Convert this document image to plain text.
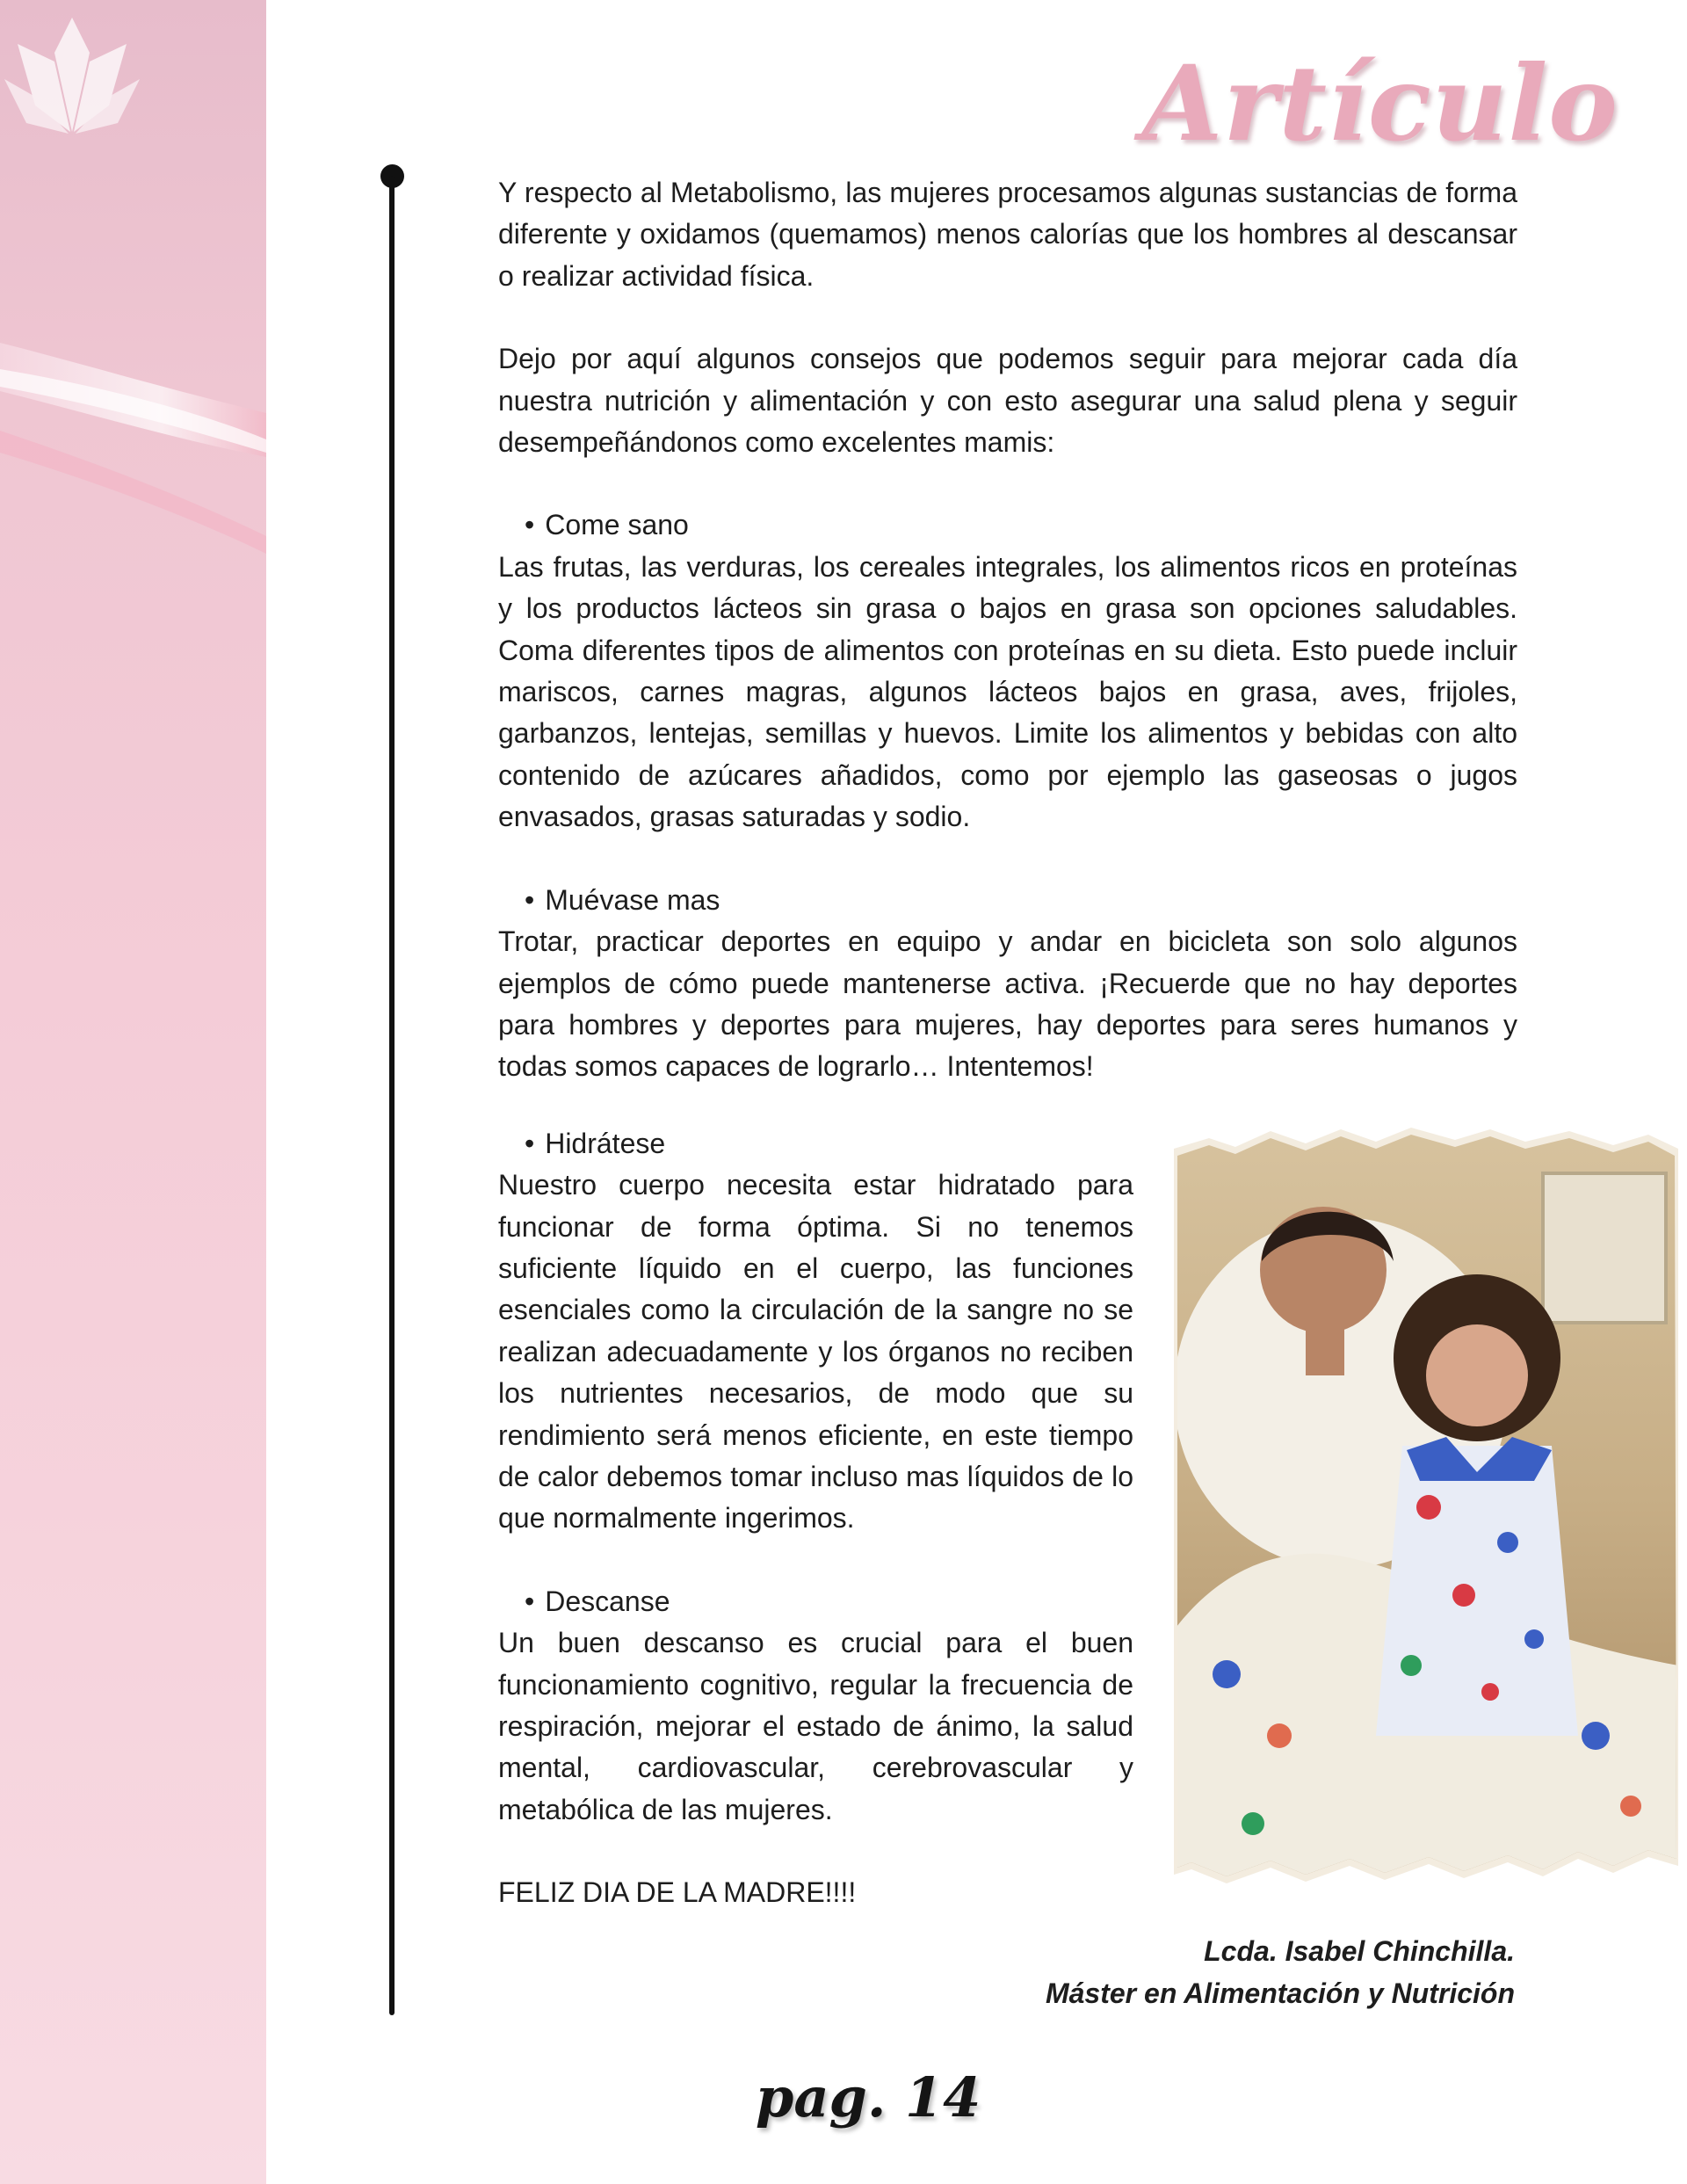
Artículo

Y respecto al Metabolismo, las mujeres procesamos algunas sustancias de forma diferente y oxidamos (quemamos) menos calorías que los hombres al descansar o realizar actividad física.

Dejo por aquí algunos consejos que podemos seguir para mejorar cada día nuestra nutrición y alimentación y con esto asegurar una salud plena y seguir desempeñándonos como excelentes mamis:

• Come sano

Las frutas, las verduras, los cereales integrales, los alimentos ricos en proteínas y los productos lácteos sin grasa o bajos en grasa son opciones saludables. Coma diferentes tipos de alimentos con proteínas en su dieta. Esto puede incluir mariscos, carnes magras, algunos lácteos bajos en grasa, aves, frijoles, garbanzos, lentejas, semillas y huevos. Limite los alimentos y bebidas con alto contenido de azúcares añadidos, como por ejemplo las gaseosas o jugos envasados, grasas saturadas y sodio.

• Muévase mas

Trotar, practicar deportes en equipo y andar en bicicleta son solo algunos ejemplos de cómo puede mantenerse activa. ¡Recuerde que no hay deportes para hombres y deportes para mujeres, hay deportes para seres humanos y todas somos capaces de lograrlo… Intentemos!

• Hidrátese

Nuestro cuerpo necesita estar hidratado para funcionar de forma óptima. Si no tenemos suficiente líquido en el cuerpo, las funciones esenciales como la circulación de la sangre no se realizan adecuadamente y los órganos no reciben los nutrientes necesarios, de modo que su rendimiento será menos eficiente, en este tiempo de calor debemos tomar incluso mas líquidos de lo que normalmente ingerimos.

• Descanse

Un buen descanso es crucial para el buen funcionamiento cognitivo, regular la frecuencia de respiración, mejorar el estado de ánimo, la salud mental, cardiovascular, cerebrovascular y metabólica de las mujeres.

FELIZ DIA DE LA MADRE!!!!

Lcda. Isabel Chinchilla.
Máster en Alimentación y Nutrición
pag. 14
